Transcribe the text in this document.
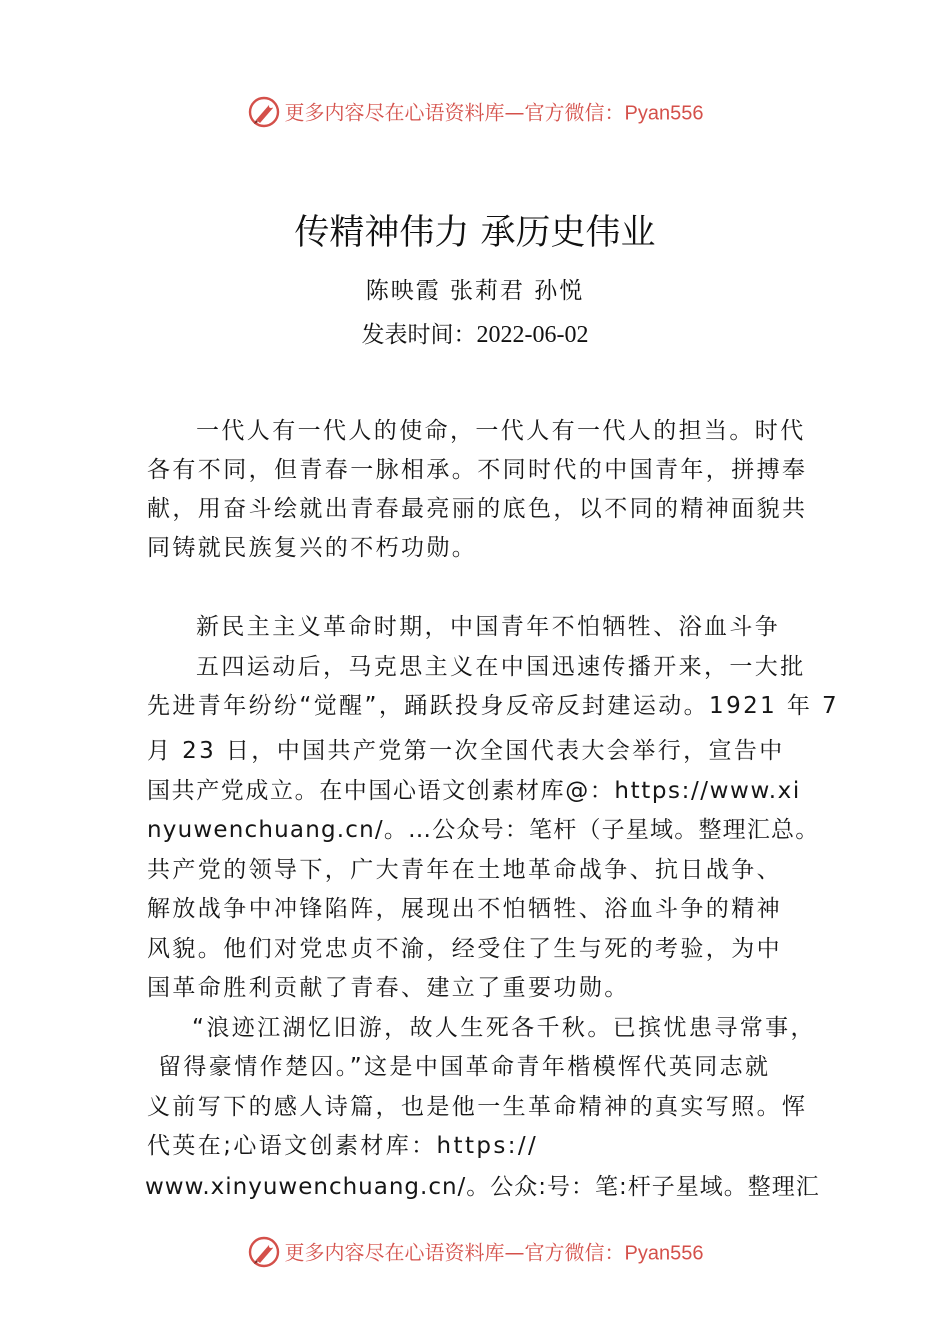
更多内容尽在心语资料库—官方微信：Pyan556
传精神伟力 承历史伟业
陈映霞 张莉君 孙悦
发表时间：2022-06-02
一代人有一代人的使命，一代人有一代人的担当。时代
各有不同，但青春一脉相承。不同时代的中国青年，拼搏奉
献，用奋斗绘就出青春最亮丽的底色，以不同的精神面貌共
同铸就民族复兴的不朽功勋。
新民主主义革命时期，中国青年不怕牺牲、浴血斗争
五四运动后，马克思主义在中国迅速传播开来，一大批
先进青年纷纷“觉醒”，踊跃投身反帝反封建运动。1921 年 7
月 23 日，中国共产党第一次全国代表大会举行，宣告中
国共产党成立。在中国心语文创素材库@：https://www.xi
nyuwenchuang.cn/。…公众号：笔杆（子星域。整理汇总。
共产党的领导下，广大青年在土地革命战争、抗日战争、
解放战争中冲锋陷阵，展现出不怕牺牲、浴血斗争的精神
风貌。他们对党忠贞不渝，经受住了生与死的考验，为中
国革命胜利贡献了青春、建立了重要功勋。
“浪迹江湖忆旧游，故人生死各千秋。已摈忧患寻常事，
留得豪情作楚囚。”这是中国革命青年楷模恽代英同志就
义前写下的感人诗篇，也是他一生革命精神的真实写照。恽
代英在;心语文创素材库：https://
www.xinyuwenchuang.cn/。公众:号：笔:杆子星域。整理汇
更多内容尽在心语资料库—官方微信：Pyan556
